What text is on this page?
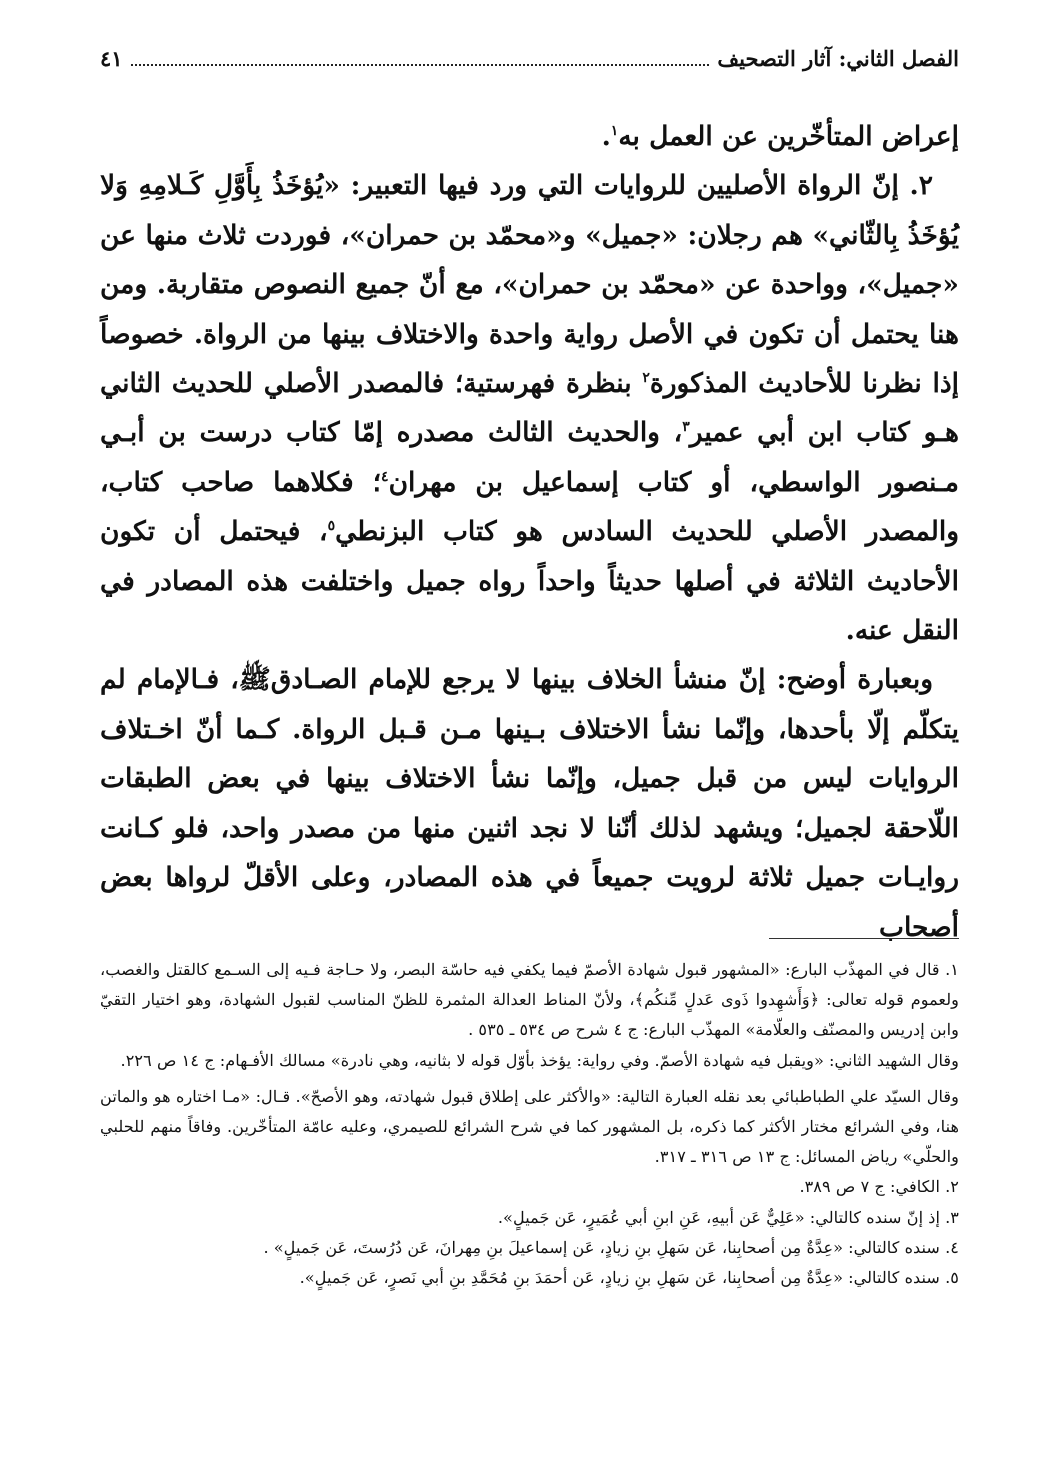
الفصل الثاني: آثار التصحيف
٤١

إعراض المتأخّرين عن العمل به$^١$.

٢. إنّ الرواة الأصليين للروايات التي ورد فيها التعبير: «يُؤخَذُ بِأَوَّلِ كَـلامِهِ وَلا يُؤخَذُ بِالثّاني» هم رجلان: «جميل» و«محمّد بن حمران»، فوردت ثلاث منها عن «جميل»، وواحدة عن «محمّد بن حمران»، مع أنّ جميع النصوص متقاربة. ومن هنا يحتمل أن تكون في الأصل رواية واحدة والاختلاف بينها من الرواة. خصوصاً إذا نظرنا للأحاديث المذكورة$^٢$ بنظرة فهرستية؛ فالمصدر الأصلي للحديث الثاني هـو كتاب ابن أبي عمير$^٣$، والحديث الثالث مصدره إمّا كتاب درست بن أبـي مـنصور الواسطي، أو كتاب إسماعيل بن مهران$^٤$؛ فكلاهما صاحب كتاب، والمصدر الأصلي للحديث السادس هو كتاب البزنطي$^٥$، فيحتمل أن تكون الأحاديث الثلاثة في أصلها حديثاً واحداً رواه جميل واختلفت هذه المصادر في النقل عنه.

وبعبارة أوضح: إنّ منشأ الخلاف بينها لا يرجع للإمام الصـادقﷺ، فـالإمام لم يتكلّم إلّا بأحدها، وإنّما نشأ الاختلاف بـينها مـن قـبل الرواة. كـما أنّ اخـتلاف الروايات ليس من قبل جميل، وإنّما نشأ الاختلاف بينها في بعض الطبقات اللّاحقة لجميل؛ ويشهد لذلك أنّنا لا نجد اثنين منها من مصدر واحد، فلو كـانت روايـات جميل ثلاثة لرويت جميعاً في هذه المصادر، وعلى الأقلّ لرواها بعض أصحاب

١. قال في المهذّب البارع: «المشهور قبول شهادة الأصمّ فيما يكفي فيه حاسّة البصر، ولا حـاجة فـيه إلى السـمع كالقتل والغصب، ولعموم قوله تعالى: ﴿وَأَشهِدوا ذَوى عَدلٍ مِّنكُم﴾، ولأنّ المناط العدالة المثمرة للظنّ المناسب لقبول الشهادة، وهو اختيار التقيّ وابن إدريس والمصنّف والعلّامة» المهذّب البارع: ج ٤ شرح ص ٥٣٤ ـ ٥٣٥ .

وقال الشهيد الثاني: «ويقبل فيه شهادة الأصمّ. وفي رواية: يؤخذ بأوّل قوله لا بثانيه، وهي نادرة» مسالك الأفـهام: ج ١٤ ص ٢٢٦.

وقال السيّد علي الطباطبائي بعد نقله العبارة التالية: «والأكثر على إطلاق قبول شهادته، وهو الأصحّ». قـال: «مـا اختاره هو والماتن هنا، وفي الشرائع مختار الأكثر كما ذكره، بل المشهور كما في شرح الشرائع للصيمري، وعليه عامّة المتأخّرين. وفاقاً منهم للحلبي والحلّي» رياض المسائل: ج ١٣ ص ٣١٦ ـ ٣١٧.

٢. الكافي: ج ٧ ص ٣٨٩.

٣. إذ إنّ سنده كالتالي: «عَلِيٌّ عَن أبيهِ، عَنِ ابنِ أبي عُمَيرٍ، عَن جَميلٍ».

٤. سنده كالتالي: «عِدَّةٌ مِن أصحابِنا، عَن سَهلِ بنِ زيادٍ، عَن إسماعيلَ بنِ مِهرانَ، عَن دُرُستَ، عَن جَميلٍ» .

٥. سنده كالتالي: «عِدَّةٌ مِن أصحابِنا، عَن سَهلِ بنِ زيادٍ، عَن أحمَدَ بنِ مُحَمَّدِ بنِ أبي نَصرٍ، عَن جَميلٍ».
